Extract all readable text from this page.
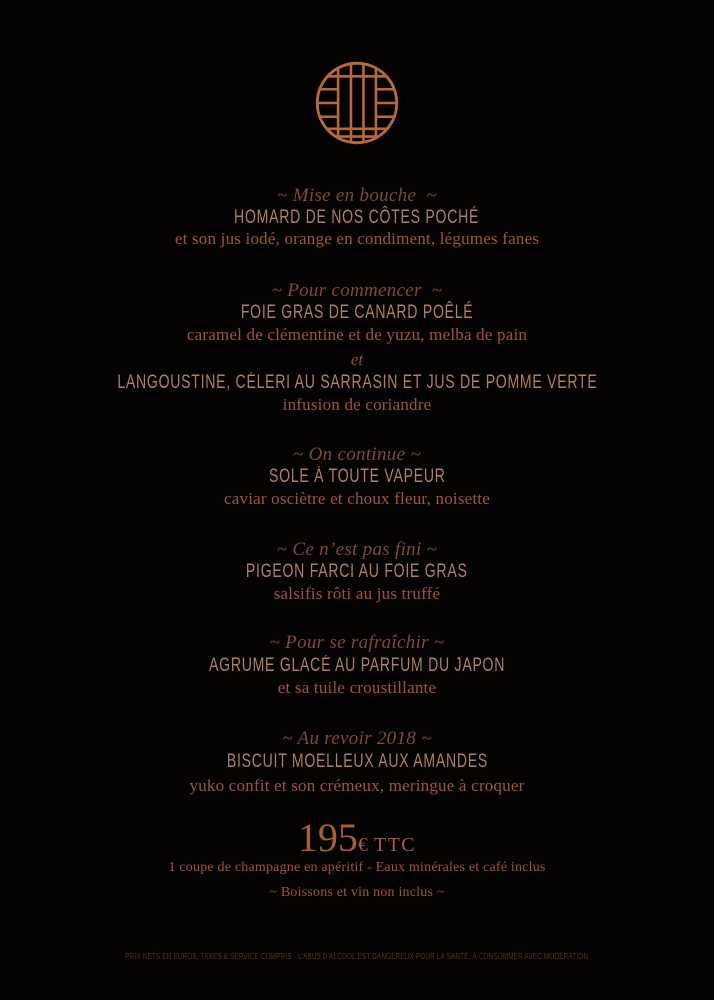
~ Mise en bouche  ~
HOMARD DE NOS CÔTES POCHÉ
et son jus iodé, orange en condiment, légumes fanes
~ Pour commencer  ~
FOIE GRAS DE CANARD POÊLÉ
caramel de clémentine et de yuzu, melba de pain
et
LANGOUSTINE, CÉLERI AU SARRASIN ET JUS DE POMME VERTE
infusion de coriandre
~ On continue ~
SOLE À TOUTE VAPEUR
caviar osciètre et choux fleur, noisette
~ Ce n’est pas fini ~
PIGEON FARCI AU FOIE GRAS
salsifis rôti au jus truffé
~ Pour se rafraîchir ~
AGRUME GLACÉ AU PARFUM DU JAPON
et sa tuile croustillante
~ Au revoir 2018 ~
BISCUIT MOELLEUX AUX AMANDES
yuko confit et son crémeux, meringue à croquer
195€ TTC
1 coupe de champagne en apéritif - Eaux minérales et café inclus
~ Boissons et vin non inclus ~
PRIX NETS EN EUROS, TAXES & SERVICE COMPRIS - L'ABUS D'ALCOOL EST DANGEREUX POUR LA SANTÉ, À CONSOMMER AVEC MODÉRATION
